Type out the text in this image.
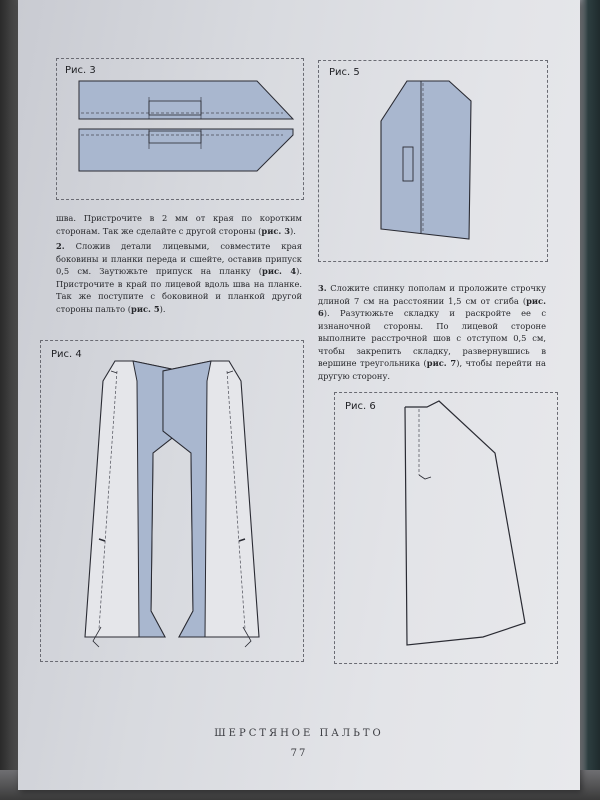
Рис. 3	Рис. 5

шва. Пристрочите в 2 мм от края по коротким сторонам. Так же сделайте с другой стороны (рис. 3).

2. Сложив детали лицевыми, совместите края боковины и планки переда и сшейте, оставив припуск 0,5 см. Заутюжьте припуск на планку (рис. 4). Пристрочите в край по лицевой вдоль шва на планке. Так же поступите с боковиной и планкой другой стороны пальто (рис. 5).

3. Сложите спинку пополам и проложите строчку длиной 7 см на расстоянии 1,5 см от сгиба (рис. 6). Разутюжьте складку и раскройте ее с изнаночной стороны. По лицевой стороне выполните расстрочной шов с отступом 0,5 см, чтобы закрепить складку, развернувшись в вершине треугольника (рис. 7), чтобы перейти на другую сторону.

Рис. 4
Рис. 6
ШЕРСТЯНОЕ ПАЛЬТО
77
